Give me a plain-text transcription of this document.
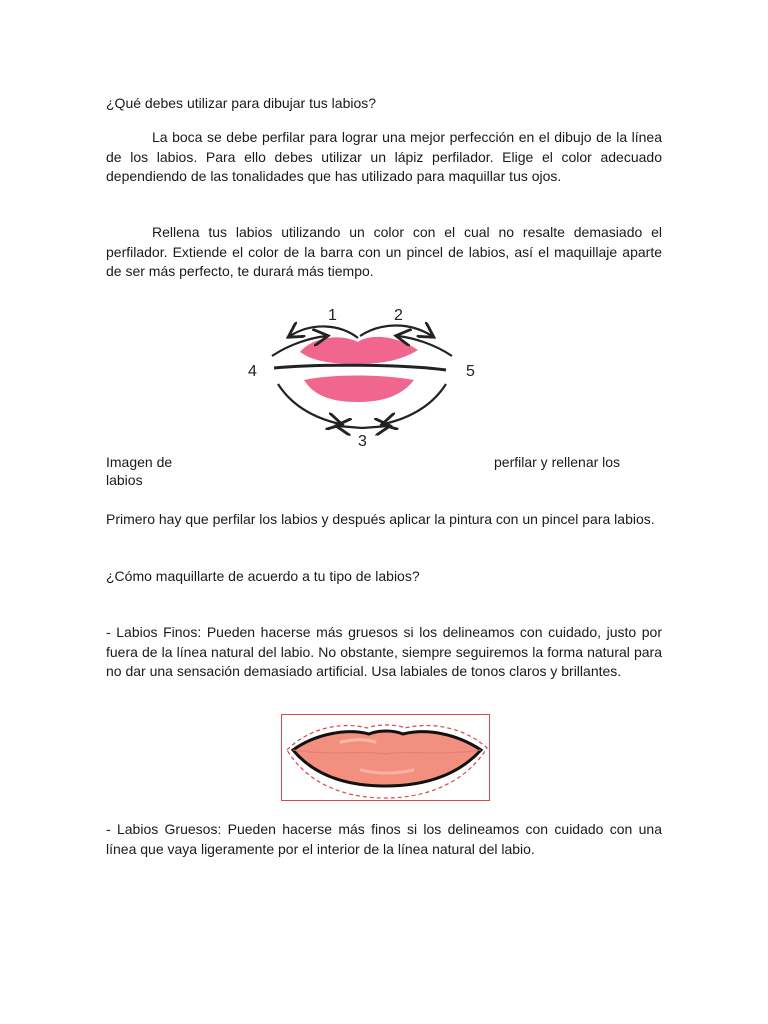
¿Qué debes utilizar para dibujar tus labios?

La boca se debe perfilar para lograr una mejor perfección en el dibujo de la línea de los labios. Para ello debes utilizar un lápiz perfilador. Elige el color adecuado dependiendo de las tonalidades que has utilizado para maquillar tus ojos.

Rellena tus labios utilizando un color con el cual no resalte demasiado el perfilador. Extiende el color de la barra con un pincel de labios, así el maquillaje aparte de ser más perfecto, te durará más tiempo.

1	2
4	5
3
Imagen de	perfilar y rellenar los
labios

Primero hay que perfilar los labios y después aplicar la pintura con un pincel para labios.

¿Cómo maquillarte de acuerdo a tu tipo de labios?

- Labios Finos: Pueden hacerse más gruesos si los delineamos con cuidado, justo por fuera de la línea natural del labio. No obstante, siempre seguiremos la forma natural para no dar una sensación demasiado artificial. Usa labiales de tonos claros y brillantes.

- Labios Gruesos: Pueden hacerse más finos si los delineamos con cuidado con una línea que vaya ligeramente por el interior de la línea natural del labio.
